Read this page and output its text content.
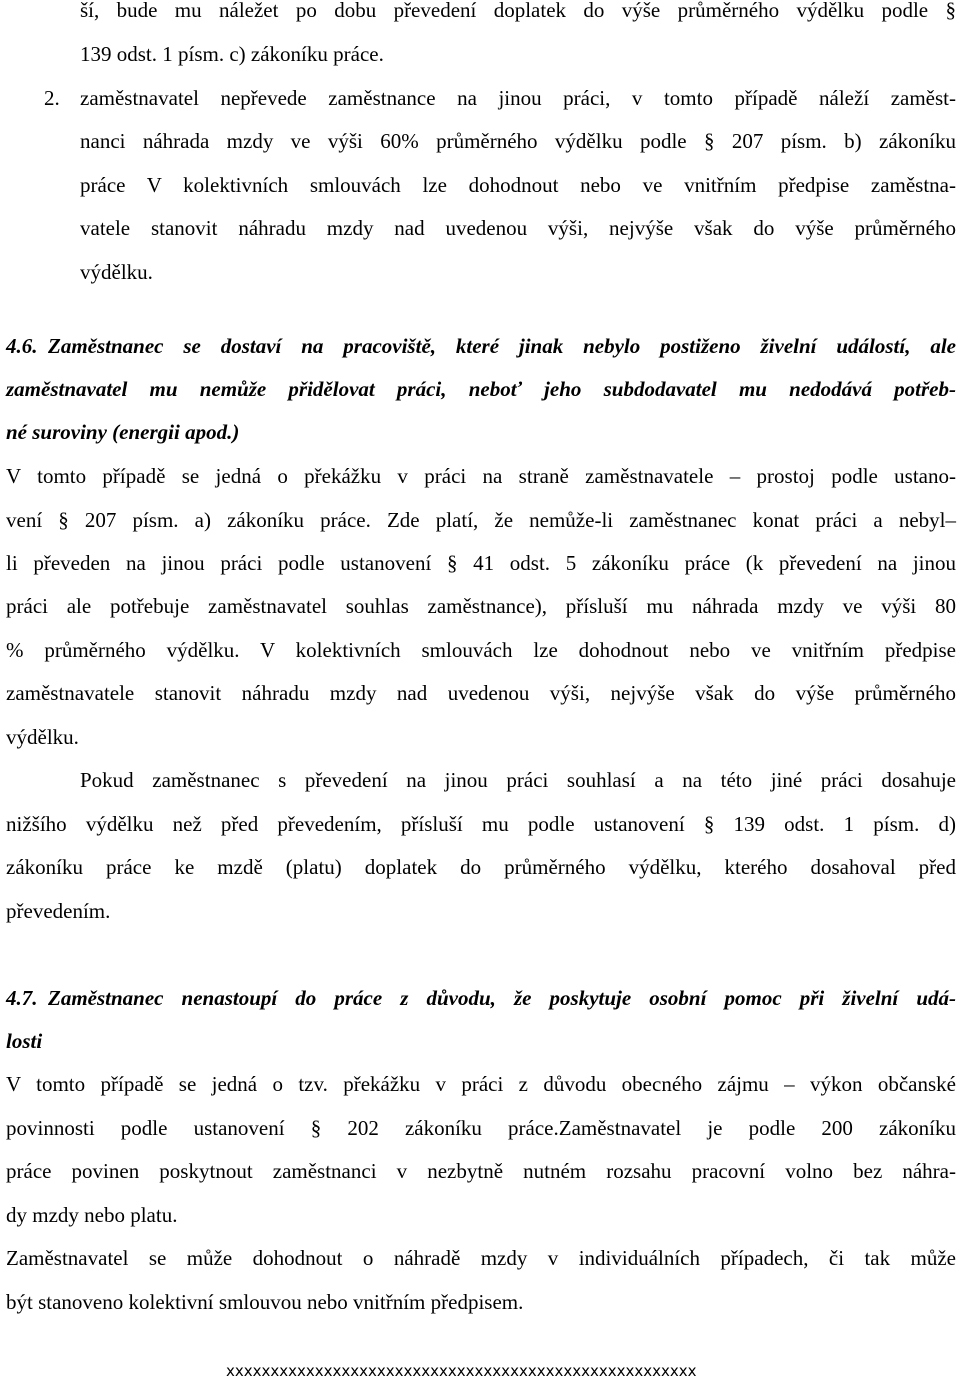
ší, bude mu náležet po dobu převedení doplatek do výše průměrného výdělku podle §
139 odst. 1 písm. c) zákoníku práce.
2. zaměstnavatel nepřevede zaměstnance na jinou práci, v tomto případě náleží zaměst-
nanci náhrada mzdy ve výši 60% průměrného výdělku podle § 207 písm. b) zákoníku
práce V kolektivních smlouvách lze dohodnout nebo ve vnitřním předpise zaměstna-
vatele stanovit náhradu mzdy nad uvedenou výši, nejvýše však do výše průměrného
výdělku.
4.6. Zaměstnanec se dostaví na pracoviště, které jinak nebylo postiženo živelní událostí, ale
zaměstnavatel mu nemůže přidělovat práci, neboť jeho subdodavatel mu nedodává potřeb-
né suroviny (energii apod.)
V tomto případě se jedná o překážku v práci na straně zaměstnavatele – prostoj podle ustano-
vení § 207 písm. a) zákoníku práce. Zde platí, že nemůže-li zaměstnanec konat práci a nebyl–
li převeden na jinou práci podle ustanovení § 41 odst. 5 zákoníku práce (k převedení na jinou
práci ale potřebuje zaměstnavatel souhlas zaměstnance), přísluší mu náhrada mzdy ve výši 80
% průměrného výdělku. V kolektivních smlouvách lze dohodnout nebo ve vnitřním předpise
zaměstnavatele stanovit náhradu mzdy nad uvedenou výši, nejvýše však do výše průměrného
výdělku.
Pokud zaměstnanec s převedení na jinou práci souhlasí a na této jiné práci dosahuje
nižšího výdělku než před převedením, přísluší mu podle ustanovení § 139 odst. 1 písm. d)
zákoníku práce ke mzdě (platu) doplatek do průměrného výdělku, kterého dosahoval před
převedením.
4.7. Zaměstnanec nenastoupí do práce z důvodu, že poskytuje osobní pomoc při živelní udá-
losti
V tomto případě se jedná o tzv. překážku v práci z důvodu obecného zájmu – výkon občanské
povinnosti podle ustanovení § 202 zákoníku práce.Zaměstnavatel je podle 200 zákoníku
práce povinen poskytnout zaměstnanci v nezbytně nutném rozsahu pracovní volno bez náhra-
dy mzdy nebo platu.
Zaměstnavatel se může dohodnout o náhradě mzdy v individuálních případech, či tak může
být stanoveno kolektivní smlouvou nebo vnitřním předpisem.
xxxxxxxxxxxxxxxxxxxxxxxxxxxxxxxxxxxxxxxxxxxxxxxxxxxxx
